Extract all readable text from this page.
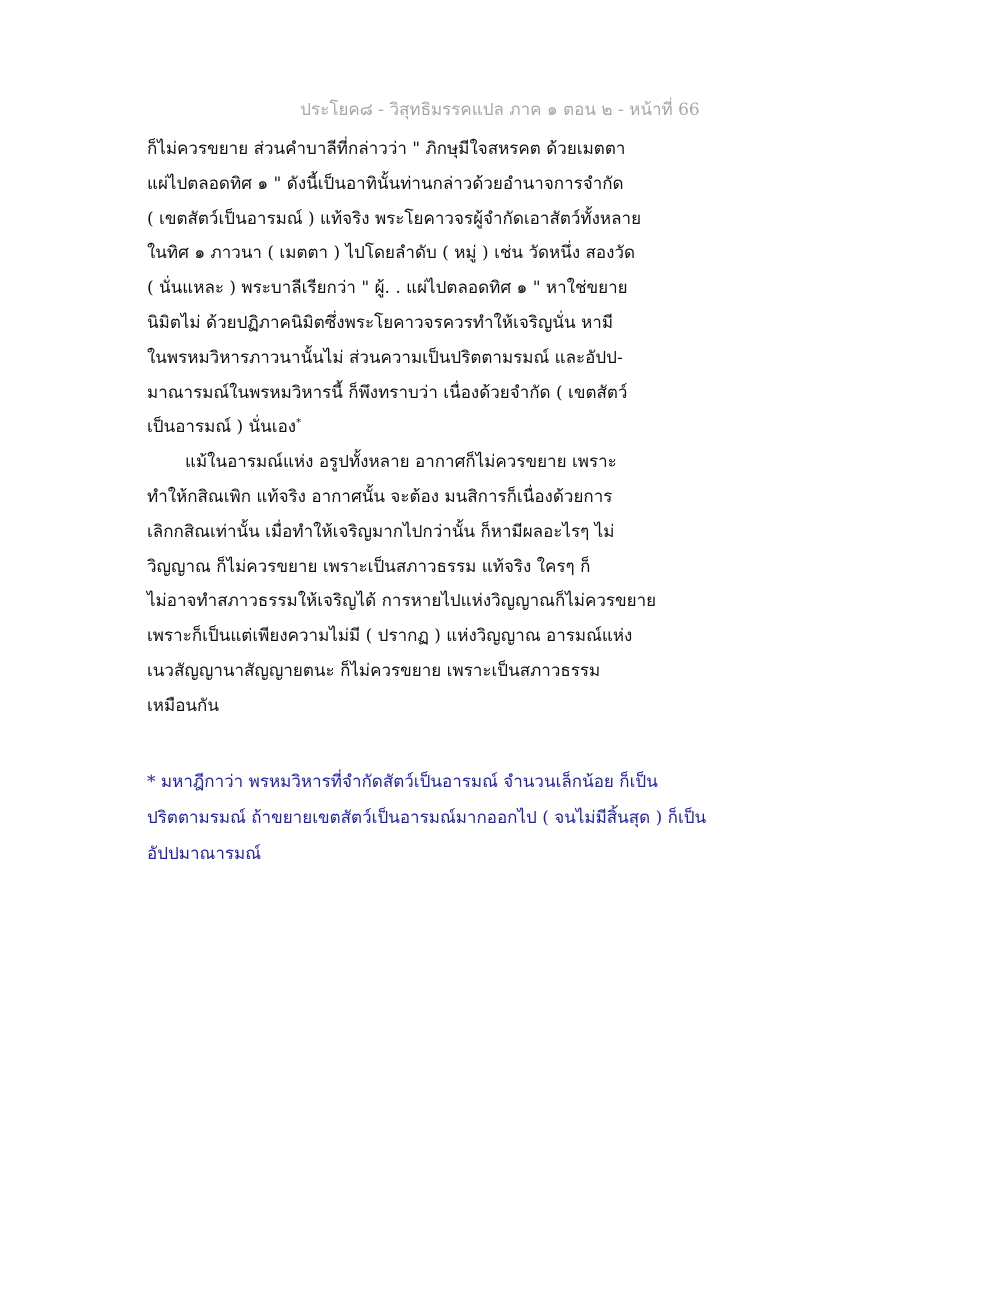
ประโยค๘ - วิสุทธิมรรคแปล ภาค ๑ ตอน ๒ - หน้าที่ 66
ก็ไม่ควรขยาย ส่วนคำบาลีที่กล่าวว่า " ภิกษุมีใจสหรคต ด้วยเมตตา
แผ่ไปตลอดทิศ ๑ " ดังนี้เป็นอาทินั้นท่านกล่าวด้วยอำนาจการจำกัด
( เขตสัตว์เป็นอารมณ์ ) แท้จริง พระโยคาวจรผู้จำกัดเอาสัตว์ทั้งหลาย
ในทิศ ๑ ภาวนา ( เมตตา ) ไปโดยลำดับ ( หมู่ ) เช่น วัดหนึ่ง สองวัด
( นั่นแหละ ) พระบาลีเรียกว่า " ผู้. . แผ่ไปตลอดทิศ ๑ " หาใช่ขยาย
นิมิตไม่ ด้วยปฏิภาคนิมิตซึ่งพระโยคาวจรควรทำให้เจริญนั่น หามี
ในพรหมวิหารภาวนานั้นไม่ ส่วนความเป็นปริตตามรมณ์ และอัปป-
มาณารมณ์ในพรหมวิหารนี้ ก็พึงทราบว่า เนื่องด้วยจำกัด ( เขตสัตว์
เป็นอารมณ์ ) นั่นเอง*
แม้ในอารมณ์แห่ง อรูปทั้งหลาย อากาศก็ไม่ควรขยาย เพราะ
ทำให้กสิณเพิก แท้จริง อากาศนั้น จะต้อง มนสิการก็เนื่องด้วยการ
เลิกกสิณเท่านั้น เมื่อทำให้เจริญมากไปกว่านั้น ก็หามีผลอะไรๆ ไม่
วิญญาณ ก็ไม่ควรขยาย เพราะเป็นสภาวธรรม แท้จริง ใครๆ ก็
ไม่อาจทำสภาวธรรมให้เจริญได้ การหายไปแห่งวิญญาณก็ไม่ควรขยาย
เพราะก็เป็นแต่เพียงความไม่มี ( ปรากฏ ) แห่งวิญญาณ อารมณ์แห่ง
เนวสัญญานาสัญญายตนะ ก็ไม่ควรขยาย เพราะเป็นสภาวธรรม
เหมือนกัน
* มหาฎีกาว่า พรหมวิหารที่จำกัดสัตว์เป็นอารมณ์ จำนวนเล็กน้อย ก็เป็น
ปริตตามรมณ์ ถ้าขยายเขตสัตว์เป็นอารมณ์มากออกไป ( จนไม่มีสิ้นสุด ) ก็เป็น
อัปปมาณารมณ์
